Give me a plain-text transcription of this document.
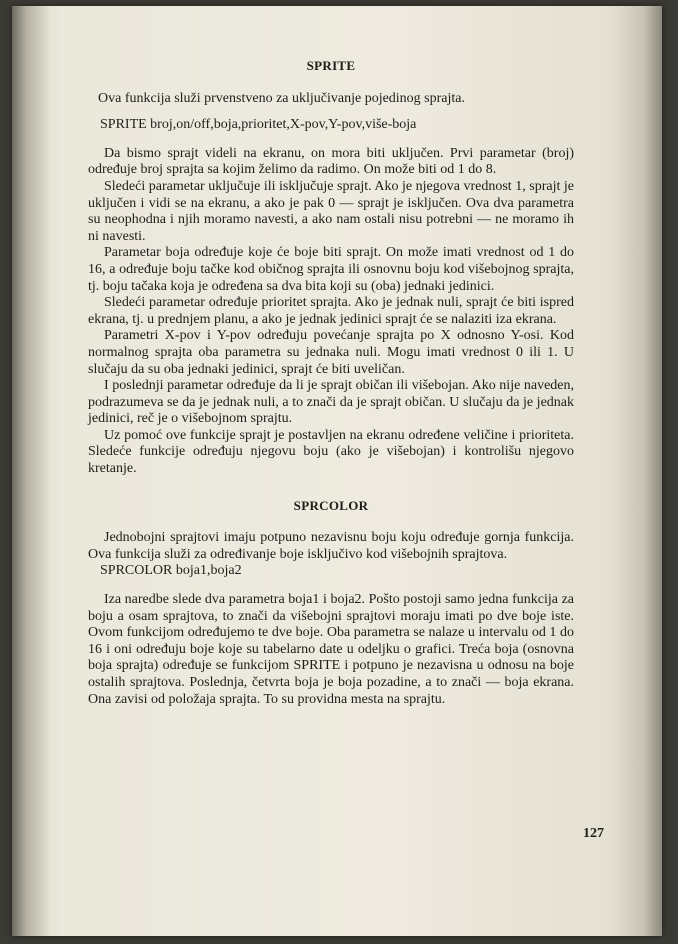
SPRITE

Ova funkcija služi prvenstveno za uključivanje pojedinog sprajta.

SPRITE broj,on/off,boja,prioritet,X-pov,Y-pov,više-boja

Da bismo sprajt videli na ekranu, on mora biti uključen. Prvi parametar (broj) određuje broj sprajta sa kojim želimo da radimo. On može biti od 1 do 8.

Sledeći parametar uključuje ili isključuje sprajt. Ako je njegova vrednost 1, sprajt je uključen i vidi se na ekranu, a ako je pak 0 — sprajt je isključen. Ova dva parametra su neophodna i njih moramo navesti, a ako nam ostali nisu potrebni — ne moramo ih ni navesti.

Parametar boja određuje koje će boje biti sprajt. On može imati vrednost od 1 do 16, a određuje boju tačke kod običnog sprajta ili osnovnu boju kod višebojnog sprajta, tj. boju tačaka koja je određena sa dva bita koji su (oba) jednaki jedinici.

Sledeći parametar određuje prioritet sprajta. Ako je jednak nuli, sprajt će biti ispred ekrana, tj. u prednjem planu, a ako je jednak jedinici sprajt će se nalaziti iza ekrana.

Parametri X-pov i Y-pov određuju povećanje sprajta po X odnosno Y-osi. Kod normalnog sprajta oba parametra su jednaka nuli. Mogu imati vrednost 0 ili 1. U slučaju da su oba jednaki jedinici, sprajt će biti uveličan.

I poslednji parametar određuje da li je sprajt običan ili višebojan. Ako nije naveden, podrazumeva se da je jednak nuli, a to znači da je sprajt običan. U slučaju da je jednak jedinici, reč je o višebojnom sprajtu.

Uz pomoć ove funkcije sprajt je postavljen na ekranu određene veličine i prioriteta. Sledeće funkcije određuju njegovu boju (ako je višebojan) i kontrolišu njegovo kretanje.

SPRCOLOR

Jednobojni sprajtovi imaju potpuno nezavisnu boju koju određuje gornja funkcija. Ova funkcija služi za određivanje boje isključivo kod višebojnih sprajtova.

SPRCOLOR boja1,boja2

Iza naredbe slede dva parametra boja1 i boja2. Pošto postoji samo jedna funkcija za boju a osam sprajtova, to znači da višebojni sprajtovi moraju imati po dve boje iste. Ovom funkcijom određujemo te dve boje. Oba parametra se nalaze u intervalu od 1 do 16 i oni određuju boje koje su tabelarno date u odeljku o grafici. Treća boja (osnovna boja sprajta) određuje se funkcijom SPRITE i potpuno je nezavisna u odnosu na boje ostalih sprajtova. Poslednja, četvrta boja je boja pozadine, a to znači — boja ekrana. Ona zavisi od položaja sprajta. To su providna mesta na sprajtu.

127
